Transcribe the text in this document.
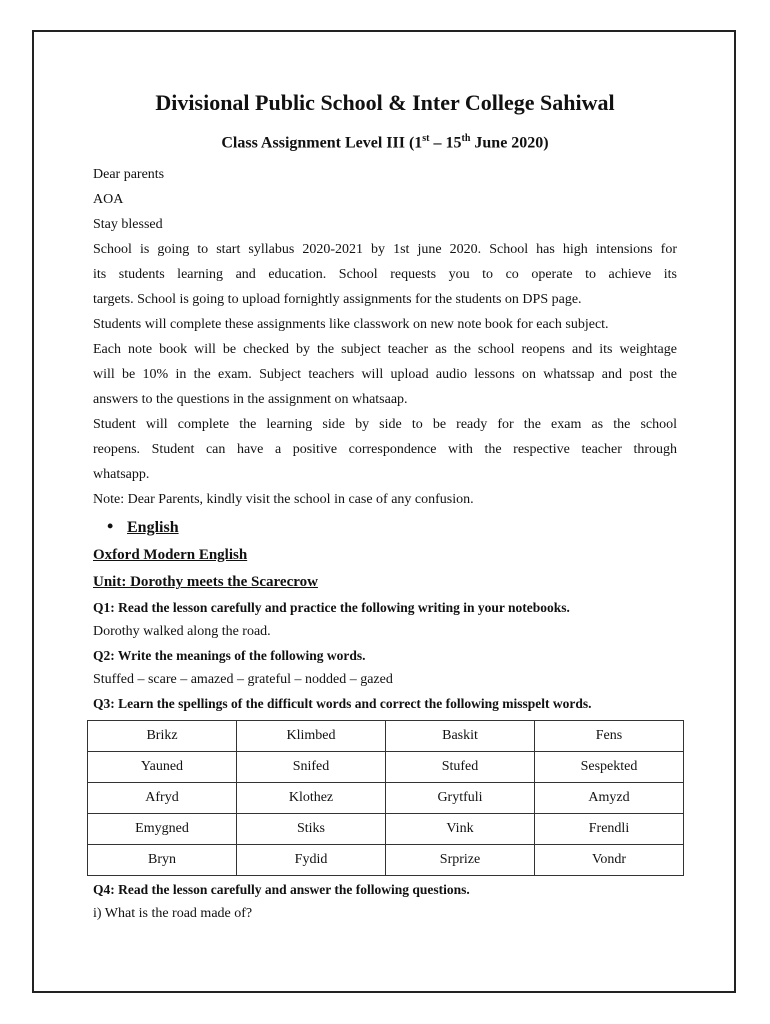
Divisional Public School & Inter College Sahiwal
Class Assignment Level III (1st – 15th June 2020)

Dear parents

AOA

Stay blessed

School is going to start syllabus 2020-2021 by 1st june 2020. School has high intensions for

its students learning and education. School requests you to co operate to achieve its

targets. School is going to upload fornightly assignments for the students on DPS page.

Students will complete these assignments like classwork on new note book for each subject.

Each note book will be checked by the subject teacher as the school reopens and its weightage

will be 10% in the exam. Subject teachers will upload audio lessons on whatssap and post the

answers to the questions in the assignment on whatsaap.

Student will complete the learning side by side to be ready for the exam as the school

reopens. Student can have a positive correspondence with the respective teacher through

whatsapp.

Note: Dear Parents, kindly visit the school in case of any confusion.

• English

Oxford Modern English

Unit: Dorothy meets the Scarecrow

Q1: Read the lesson carefully and practice the following writing in your notebooks.

Dorothy walked along the road.

Q2: Write the meanings of the following words.

Stuffed – scare – amazed – grateful – nodded – gazed

Q3: Learn the spellings of the difficult words and correct the following misspelt words.

Brikz	Klimbed	Baskit	Fens
Yauned	Snifed	Stufed	Sespekted
Afryd	Klothez	Grytfuli	Amyzd
Emygned	Stiks	Vink	Frendli
Bryn	Fydid	Srprize	Vondr

Q4: Read the lesson carefully and answer the following questions.

i) What is the road made of?
